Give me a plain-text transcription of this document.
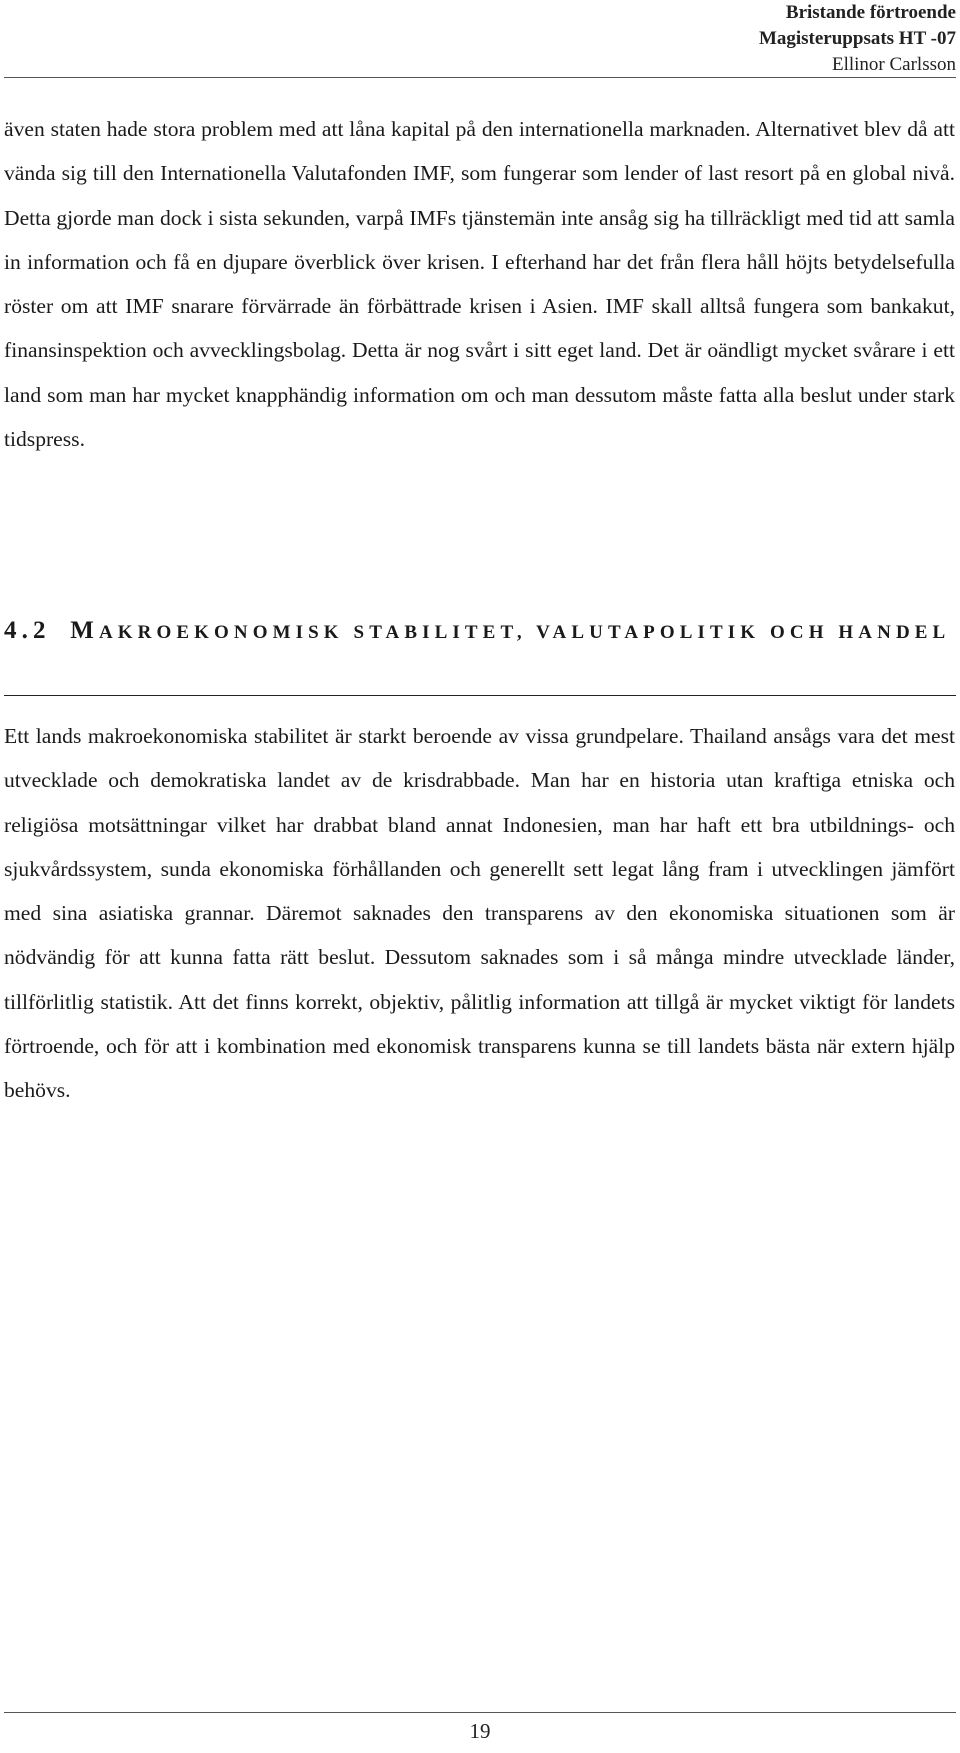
Bristande förtroende
Magisteruppsats HT -07
Ellinor Carlsson

även staten hade stora problem med att låna kapital på den internationella marknaden. Alternativet blev då att vända sig till den Internationella Valutafonden IMF, som fungerar som lender of last resort på en global nivå. Detta gjorde man dock i sista sekunden, varpå IMFs tjänstemän inte ansåg sig ha tillräckligt med tid att samla in information och få en djupare överblick över krisen. I efterhand har det från flera håll höjts betydelsefulla röster om att IMF snarare förvärrade än förbättrade krisen i Asien. IMF skall alltså fungera som bankakut, finansinspektion och avvecklingsbolag. Detta är nog svårt i sitt eget land. Det är oändligt mycket svårare i ett land som man har mycket knapphändig information om och man dessutom måste fatta alla beslut under stark tidspress.

4.2 MAKROEKONOMISK STABILITET, VALUTAPOLITIK OCH HANDEL

Ett lands makroekonomiska stabilitet är starkt beroende av vissa grundpelare. Thailand ansågs vara det mest utvecklade och demokratiska landet av de krisdrabbade. Man har en historia utan kraftiga etniska och religiösa motsättningar vilket har drabbat bland annat Indonesien, man har haft ett bra utbildnings- och sjukvårdssystem, sunda ekonomiska förhållanden och generellt sett legat lång fram i utvecklingen jämfört med sina asiatiska grannar. Däremot saknades den transparens av den ekonomiska situationen som är nödvändig för att kunna fatta rätt beslut. Dessutom saknades som i så många mindre utvecklade länder, tillförlitlig statistik. Att det finns korrekt, objektiv, pålitlig information att tillgå är mycket viktigt för landets förtroende, och för att i kombination med ekonomisk transparens kunna se till landets bästa när extern hjälp behövs.

19
